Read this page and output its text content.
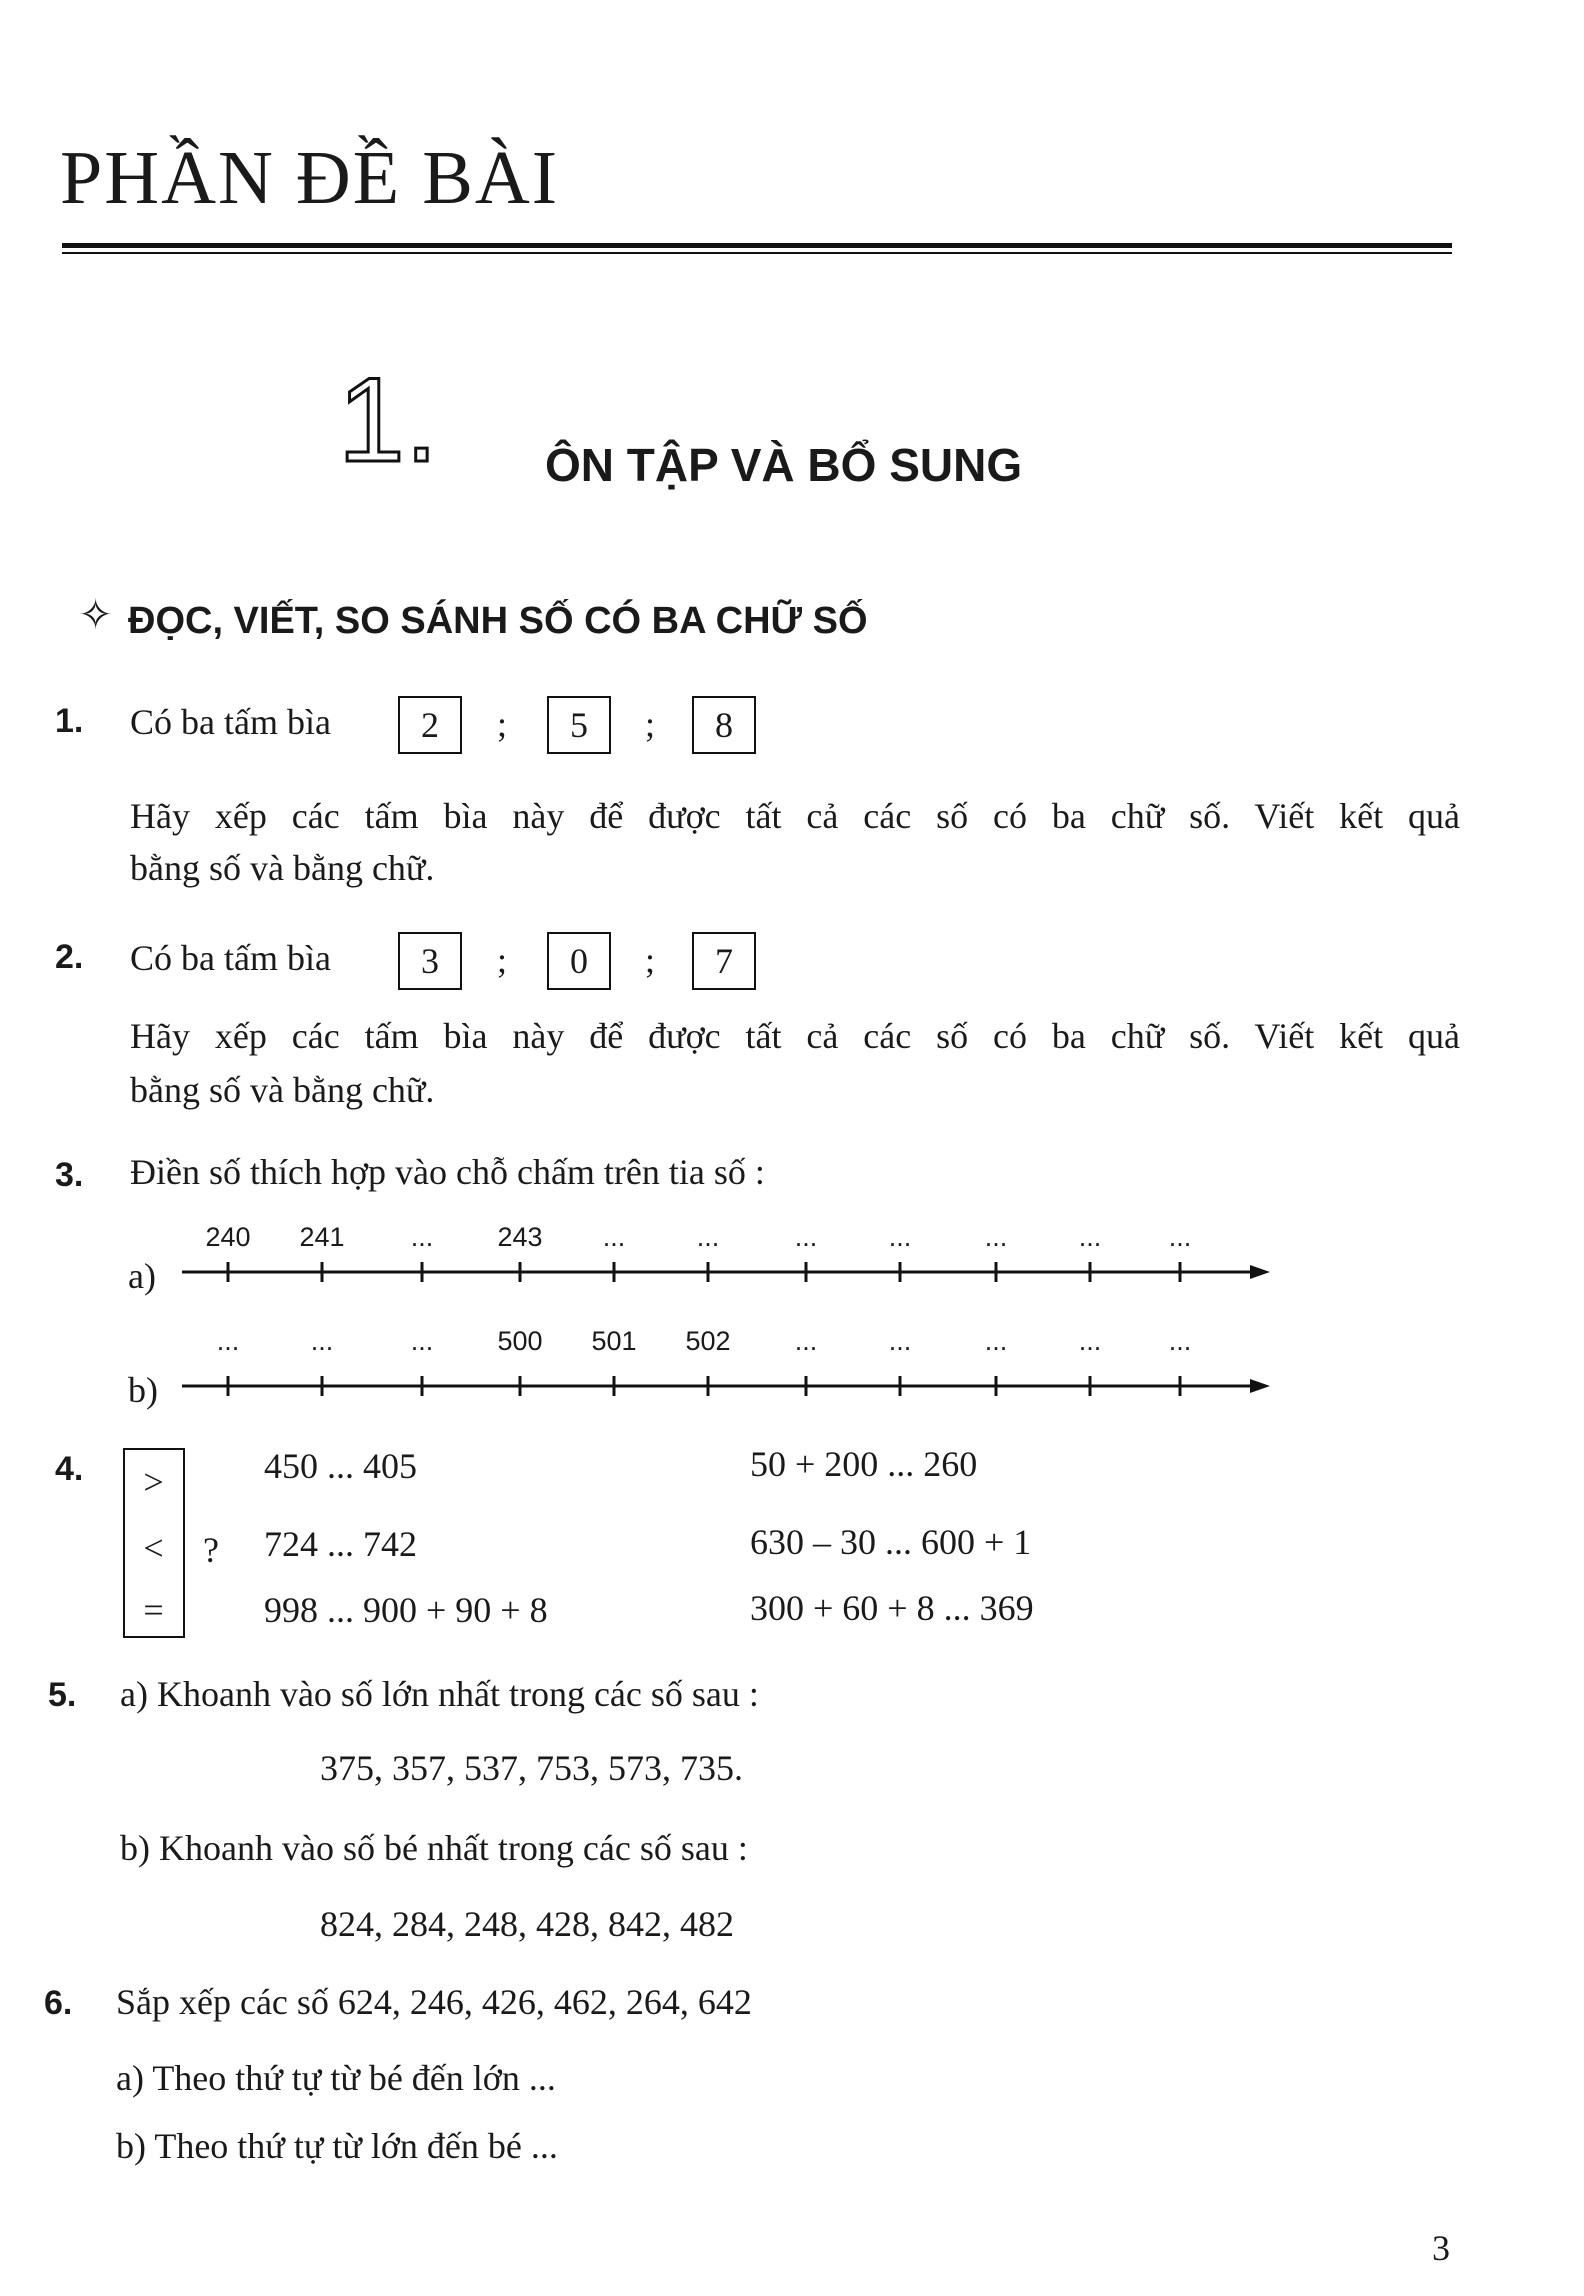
PHẦN ĐỀ BÀI
1. ÔN TẬP VÀ BỔ SUNG
✧ ĐỌC, VIẾT, SO SÁNH SỐ CÓ BA CHỮ SỐ
1. Có ba tấm bìa	2	;	5	;	8
Hãy xếp các tấm bìa này để được tất cả các số có ba chữ số. Viết kết quả
bằng số và bằng chữ.
2. Có ba tấm bìa	3	;	0	;	7
Hãy xếp các tấm bìa này để được tất cả các số có ba chữ số. Viết kết quả
bằng số và bằng chữ.
3. Điền số thích hợp vào chỗ chấm trên tia số :
a)
240 241 ... 243 ...	...	...	...	...	... ...
b)
...	...	... 500 501 502 ...	...	...	... ...
4.	>
<
=
?
450 ... 405
724 ... 742
998 ... 900 + 90 + 8
50 + 200 ... 260
630 – 30 ... 600 + 1
300 + 60 + 8 ... 369
5. a) Khoanh vào số lớn nhất trong các số sau :
375, 357, 537, 753, 573, 735.
b) Khoanh vào số bé nhất trong các số sau :
824, 284, 248, 428, 842, 482
6. Sắp xếp các số 624, 246, 426, 462, 264, 642
a) Theo thứ tự từ bé đến lớn ...
b) Theo thứ tự từ lớn đến bé ...
3
